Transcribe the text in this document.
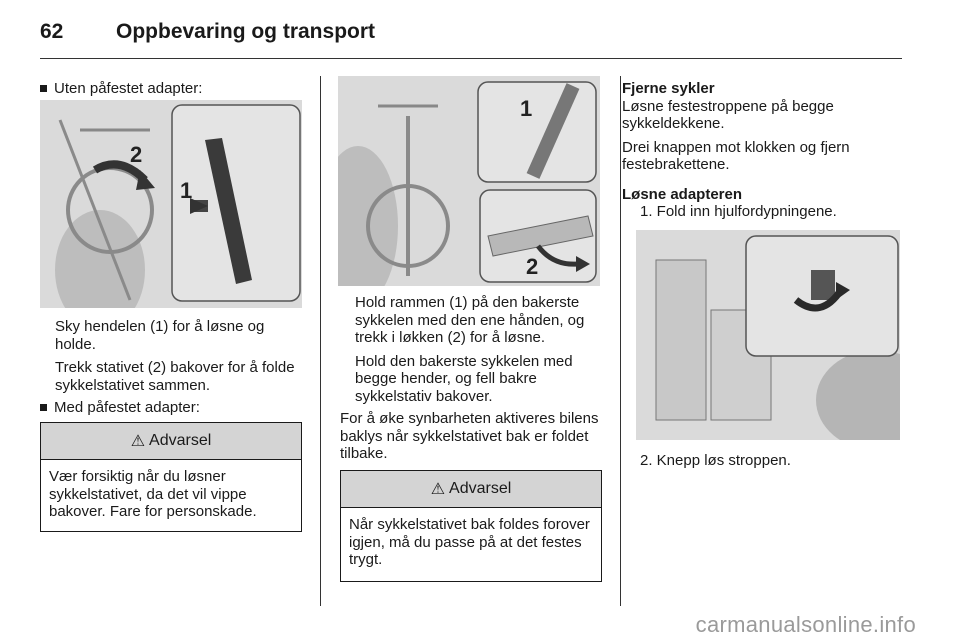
62	Oppbevaring og transport

Uten påfestet adapter:

2
1

Sky hendelen (1) for å løsne og holde.

Trekk stativet (2) bakover for å folde sykkelstativet sammen.

Med påfestet adapter:

⚠ Advarsel
Vær forsiktig når du løsner sykkelstativet, da det vil vippe bakover. Fare for personskade.
1
2

Hold rammen (1) på den bakerste sykkelen med den ene hånden, og trekk i løkken (2) for å løsne.

Hold den bakerste sykkelen med begge hender, og fell bakre sykkelstativ bakover.

For å øke synbarheten aktiveres bilens baklys når sykkelstativet bak er foldet tilbake.

⚠ Advarsel
Når sykkelstativet bak foldes forover igjen, må du passe på at det festes trygt.

Fjerne sykler

Løsne festestroppene på begge sykkeldekkene.

Drei knappen mot klokken og fjern festebrakettene.

Løsne adapteren

1. Fold inn hjulfordypningene.

2. Knepp løs stroppen.

carmanualsonline.info
